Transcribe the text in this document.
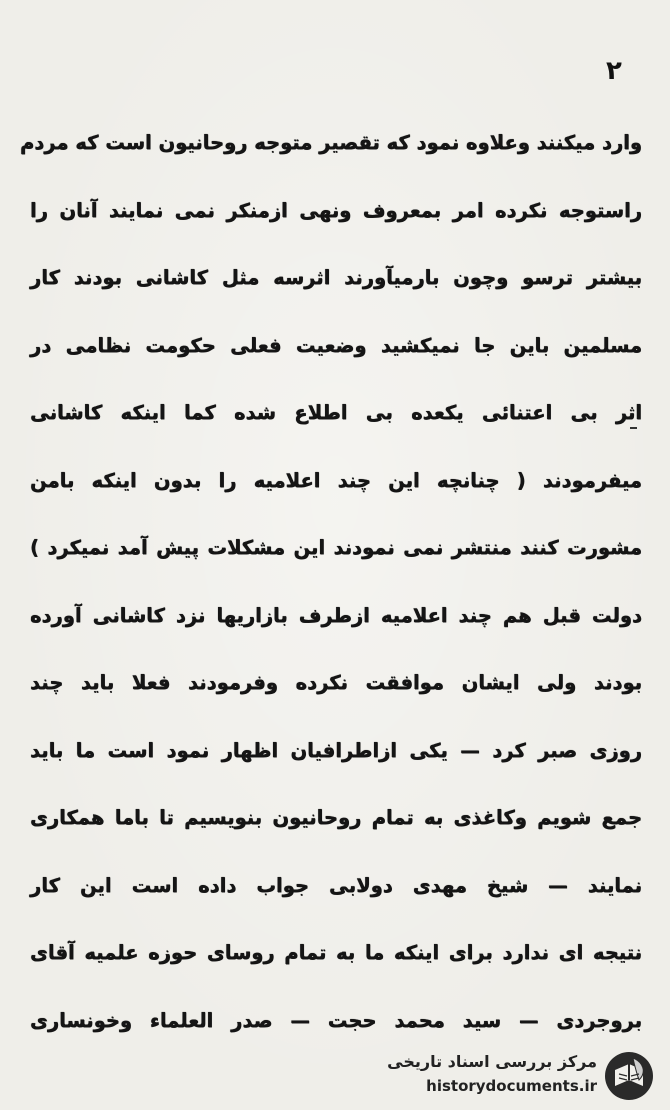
۲
وارد میکنند وعلاوه نمود که تقصیر متوجه روحانیون است که مردم
راستوجه نکرده امر بمعروف ونهی ازمنکر نمی نمایند آنان را
بیشتر ترسو وچون بارمیآورند اثرسه مثل کاشانی بودند کار
مسلمین باین جا نمیکشید وضعیت فعلی حکومت نظامی در
اثر بی اعتنائی یکعده بی اطلاع شده کما اینکه کاشانی
میفرمودند ( چنانچه این چند اعلامیه را بدون اینکه بامن
مشورت کنند منتشر نمی نمودند این مشکلات پیش آمد نمیکرد )
دولت قبل هم چند اعلامیه ازطرف بازاریها نزد کاشانی آورده
بودند ولی ایشان موافقت نکرده وفرمودند فعلا باید چند
روزی صبر کرد — یکی ازاطرافیان اظهار نمود است ما باید
جمع شویم وکاغذی به تمام روحانیون بنویسیم تا باما همکاری
نمایند — شیخ مهدی دولابی جواب داده است این کار
نتیجه ای ندارد برای اینکه ما به تمام روسای حوزه علمیه آقای
بروجردی — سید محمد حجت — صدر العلماء وخونساری
مرکز بررسی اسناد تاریخی
historydocuments.ir
